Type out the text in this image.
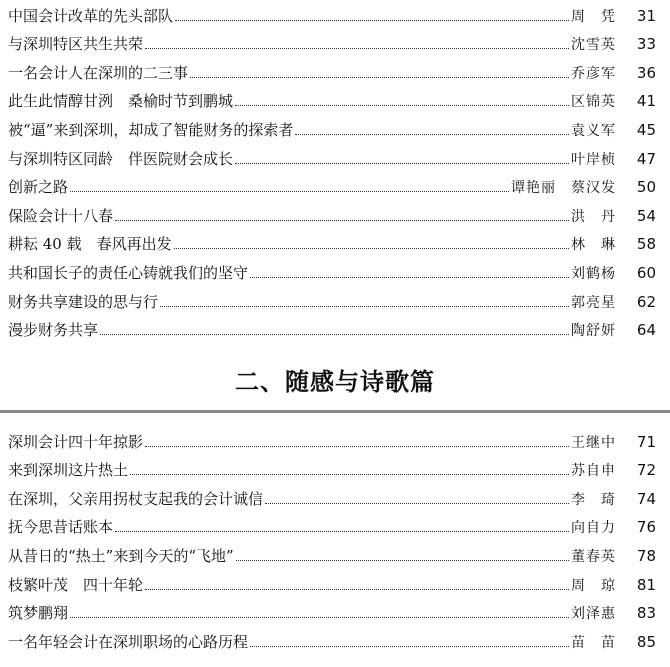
中国会计改革的先头部队	周　凭	31
与深圳特区共生共荣	沈雪英	33
一名会计人在深圳的二三事	乔彦军	36
此生此情醇甘洌　桑榆时节到鹏城	区锦英	41
被“逼”来到深圳，却成了智能财务的探索者	袁义军	45
与深圳特区同龄　伴医院财会成长	叶岸桢	47
创新之路	谭艳丽　蔡汉发	50
保险会计十八春	洪　丹	54
耕耘 40 载　春风再出发	林　琳	58
共和国长子的责任心铸就我们的坚守	刘鹤杨	60
财务共享建设的思与行	郭亮星	62
漫步财务共享	陶舒妍	64
二、随感与诗歌篇
深圳会计四十年掠影	王继中	71
来到深圳这片热土	苏自申	72
在深圳，父亲用拐杖支起我的会计诚信	李　琦	74
抚今思昔话账本	向自力	76
从昔日的“热土”来到今天的“飞地”	董春英	78
枝繁叶茂　四十年轮	周　琼	81
筑梦鹏翔	刘泽惠	83
一名年轻会计在深圳职场的心路历程	苗　苗	85
